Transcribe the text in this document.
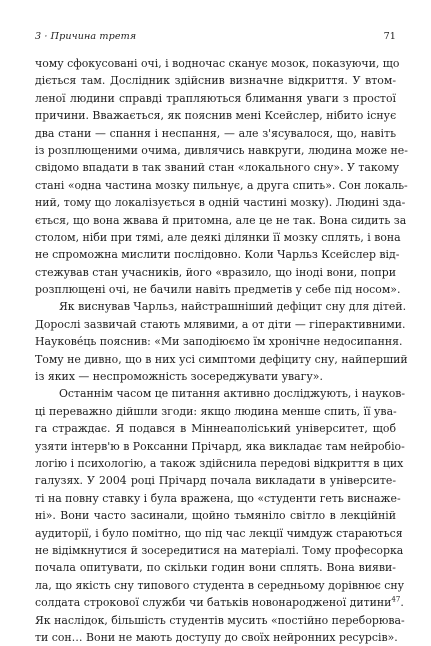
3 · Причина третя	71
чому сфокусовані очі, і водночас сканує мозок, показуючи, що
діється там. Дослідник здійснив визначне відкриття. У втом-
леної людини справді трапляються блимання уваги з простої
причини. Вважається, як пояснив мені Ксейслер, нібито існує
два стани — спання і неспання, — але з'ясувалося, що, навіть
із розплющеними очима, дивлячись навкруги, людина може не-
свідомо впадати в так званий стан «локального сну». У такому
стані «одна частина мозку пильнує, а друга спить». Сон локаль-
ний, тому що локалізується в одній частині мозку). Людині зда-
ється, що вона жвава й притомна, але це не так. Вона сидить за
столом, ніби при тямі, але деякі ділянки її мозку сплять, і вона
не спроможна мислити послідовно. Коли Чарльз Ксейслер від-
стежував стан учасників, його «вразило, що іноді вони, попри
розплющені очі, не бачили навіть предметів у себе під носом».
Як виснував Чарльз, найстрашніший дефіцит сну для дітей.
Дорослі зазвичай стають млявими, а от діти — гіперактивними.
Наукове́ць пояснив: «Ми заподіюємо їм хронічне недосипання.
Тому не дивно, що в них усі симптоми дефіциту сну, найперший
із яких — неспроможність зосереджувати увагу».
Останнім часом це питання активно досліджують, і науков-
ці переважно дійшли згоди: якщо людина менше спить, її ува-
га страждає. Я подався в Міннеаполіський університет, щоб
узяти інтерв'ю в Роксанни Прічард, яка викладає там нейробіо-
логію і психологію, а також здійснила передові відкриття в цих
галузях. У 2004 році Прічард почала викладати в університе-
ті на повну ставку і була вражена, що «студенти геть виснаже-
ні». Вони часто засинали, щойно тьмяніло світло в лекційній
аудиторії, і було помітно, що під час лекції чимдуж стараються
не відімкнутися й зосередитися на матеріалі. Тому професорка
почала опитувати, по скільки годин вони сплять. Вона вияви-
ла, що якість сну типового студента в середньому дорівнює сну
солдата строкової служби чи батьків новонародженої дитини$^{47}$.
Як наслідок, більшість студентів мусить «постійно переборюва-
ти сон… Вони не мають доступу до своїх нейронних ресурсів».
